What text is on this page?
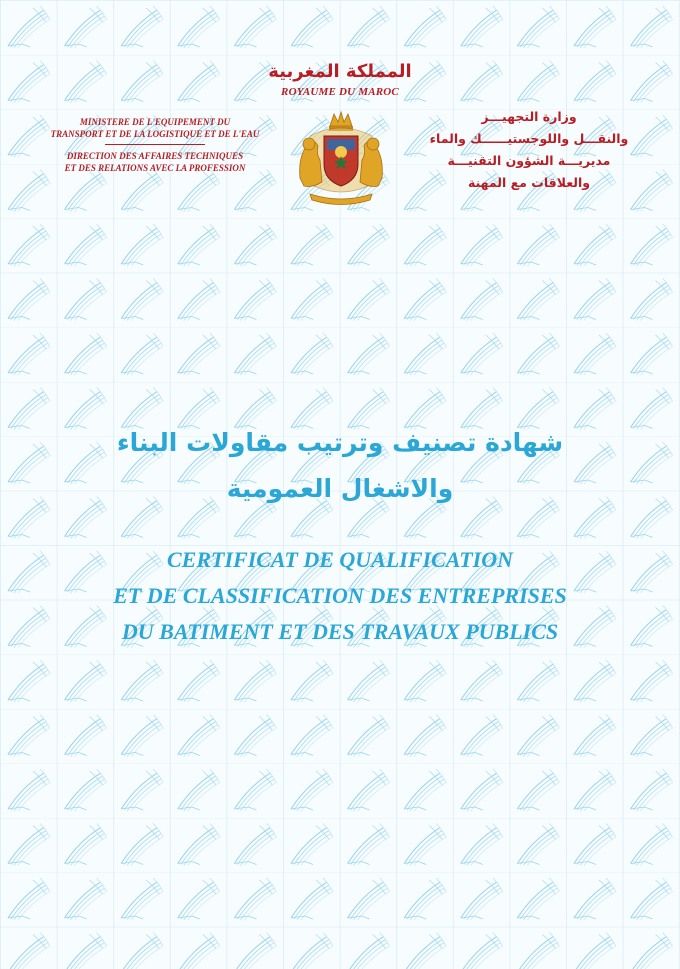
المملكة المغربية
ROYAUME DU MAROC
MINISTERE DE L'EQUIPEMENT DU
TRANSPORT ET DE LA LOGISTIQUE ET DE L'EAU
DIRECTION DES AFFAIRES TECHNIQUES
ET DES RELATIONS AVEC LA PROFESSION
وزارة التجهيـــز
والنقـــل واللوجستيــــــك والماء
مديريـــة الشؤون التقنيـــة
والعلاقات مع المهنة
شهادة تصنيف وترتيب مقاولات البناء
والاشغال العمومية
CERTIFICAT DE QUALIFICATION
ET DE CLASSIFICATION DES ENTREPRISES
DU BATIMENT ET DES TRAVAUX PUBLICS
